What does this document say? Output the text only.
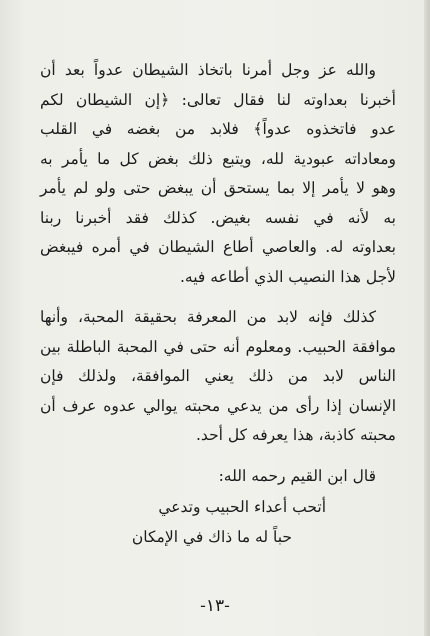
والله عز وجل أمرنا باتخاذ الشيطان عدواً بعد أن
أخبرنا بعداوته لنا فقال تعالى: ﴿إن الشيطان لكم
عدو فاتخذوه عدواً﴾ فلابد من بغضه في القلب
ومعاداته عبودية لله، ويتبع ذلك بغض كل ما يأمر به
وهو لا يأمر إلا بما يستحق أن يبغض حتى ولو لم يأمر
به لأنه في نفسه بغيض. كذلك فقد أخبرنا ربنا
بعداوته له. والعاصي أطاع الشيطان في أمره فيبغض
لأجل هذا النصيب الذي أطاعه فيه.

كذلك فإنه لابد من المعرفة بحقيقة المحبة، وأنها
موافقة الحبيب. ومعلوم أنه حتى في المحبة الباطلة بين
الناس لابد من ذلك يعني الموافقة، ولذلك فإن
الإنسان إذا رأى من يدعي محبته يوالي عدوه عرف أن
محبته كاذبة، هذا يعرفه كل أحد.

قال ابن القيم رحمه الله:

أتحب أعداء الحبيب وتدعي
حباً له ما ذاك في الإمكان
-١٣-
